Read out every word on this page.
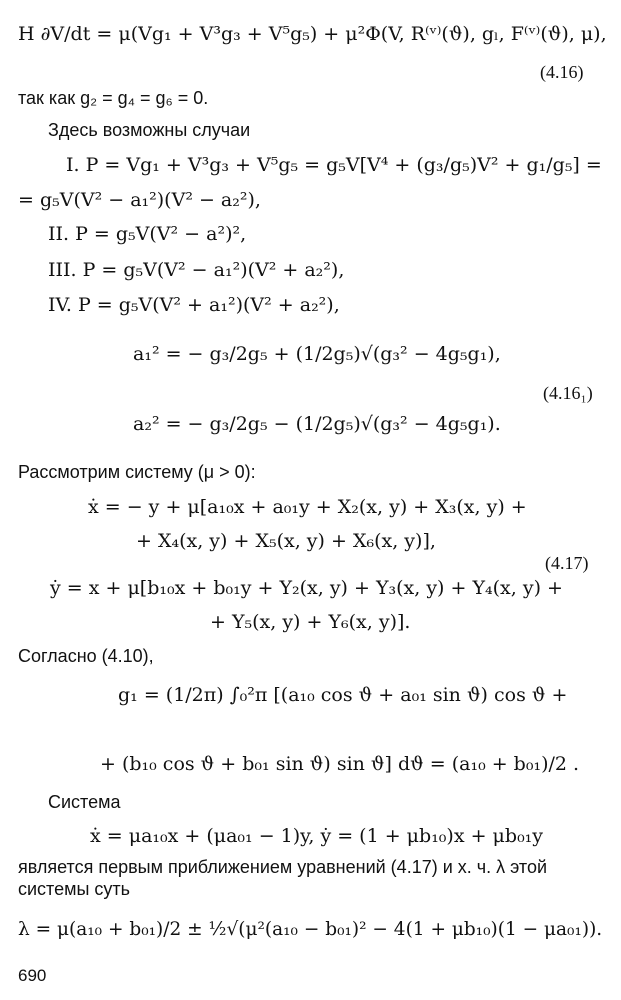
H ∂V/dt = μ(Vg₁ + V³g₃ + V⁵g₅) + μ²Φ(V, R⁽ᵛ⁾(ϑ), gₗ, F⁽ᵛ⁾(ϑ), μ),
(4.16)
так как g₂ = g₄ = g₆ = 0.
Здесь возможны случаи
I. P = Vg₁ + V³g₃ + V⁵g₅ = g₅V[V⁴ + (g₃/g₅)V² + g₁/g₅] =
= g₅V(V² − a₁²)(V² − a₂²),
II. P = g₅V(V² − a²)²,
III. P = g₅V(V² − a₁²)(V² + a₂²),
IV. P = g₅V(V² + a₁²)(V² + a₂²),
a₁² = − g₃/2g₅ + (1/2g₅)√(g₃² − 4g₅g₁),
(4.16₁)
a₂² = − g₃/2g₅ − (1/2g₅)√(g₃² − 4g₅g₁).
Рассмотрим систему (μ > 0):
ẋ = − y + μ[a₁₀x + a₀₁y + X₂(x, y) + X₃(x, y) +
+ X₄(x, y) + X₅(x, y) + X₆(x, y)],
(4.17)
ẏ = x + μ[b₁₀x + b₀₁y + Y₂(x, y) + Y₃(x, y) + Y₄(x, y) +
+ Y₅(x, y) + Y₆(x, y)].
Согласно (4.10),
g₁ = (1/2π) ∫₀²π [(a₁₀ cos ϑ + a₀₁ sin ϑ) cos ϑ +
+ (b₁₀ cos ϑ + b₀₁ sin ϑ) sin ϑ] dϑ = (a₁₀ + b₀₁)/2 .
Система
ẋ = μa₁₀x + (μa₀₁ − 1)y, ẏ = (1 + μb₁₀)x + μb₀₁y
является первым приближением уравнений (4.17) и х. ч. λ этой
системы суть
λ = μ(a₁₀ + b₀₁)/2 ± ½√(μ²(a₁₀ − b₀₁)² − 4(1 + μb₁₀)(1 − μa₀₁)).
690
